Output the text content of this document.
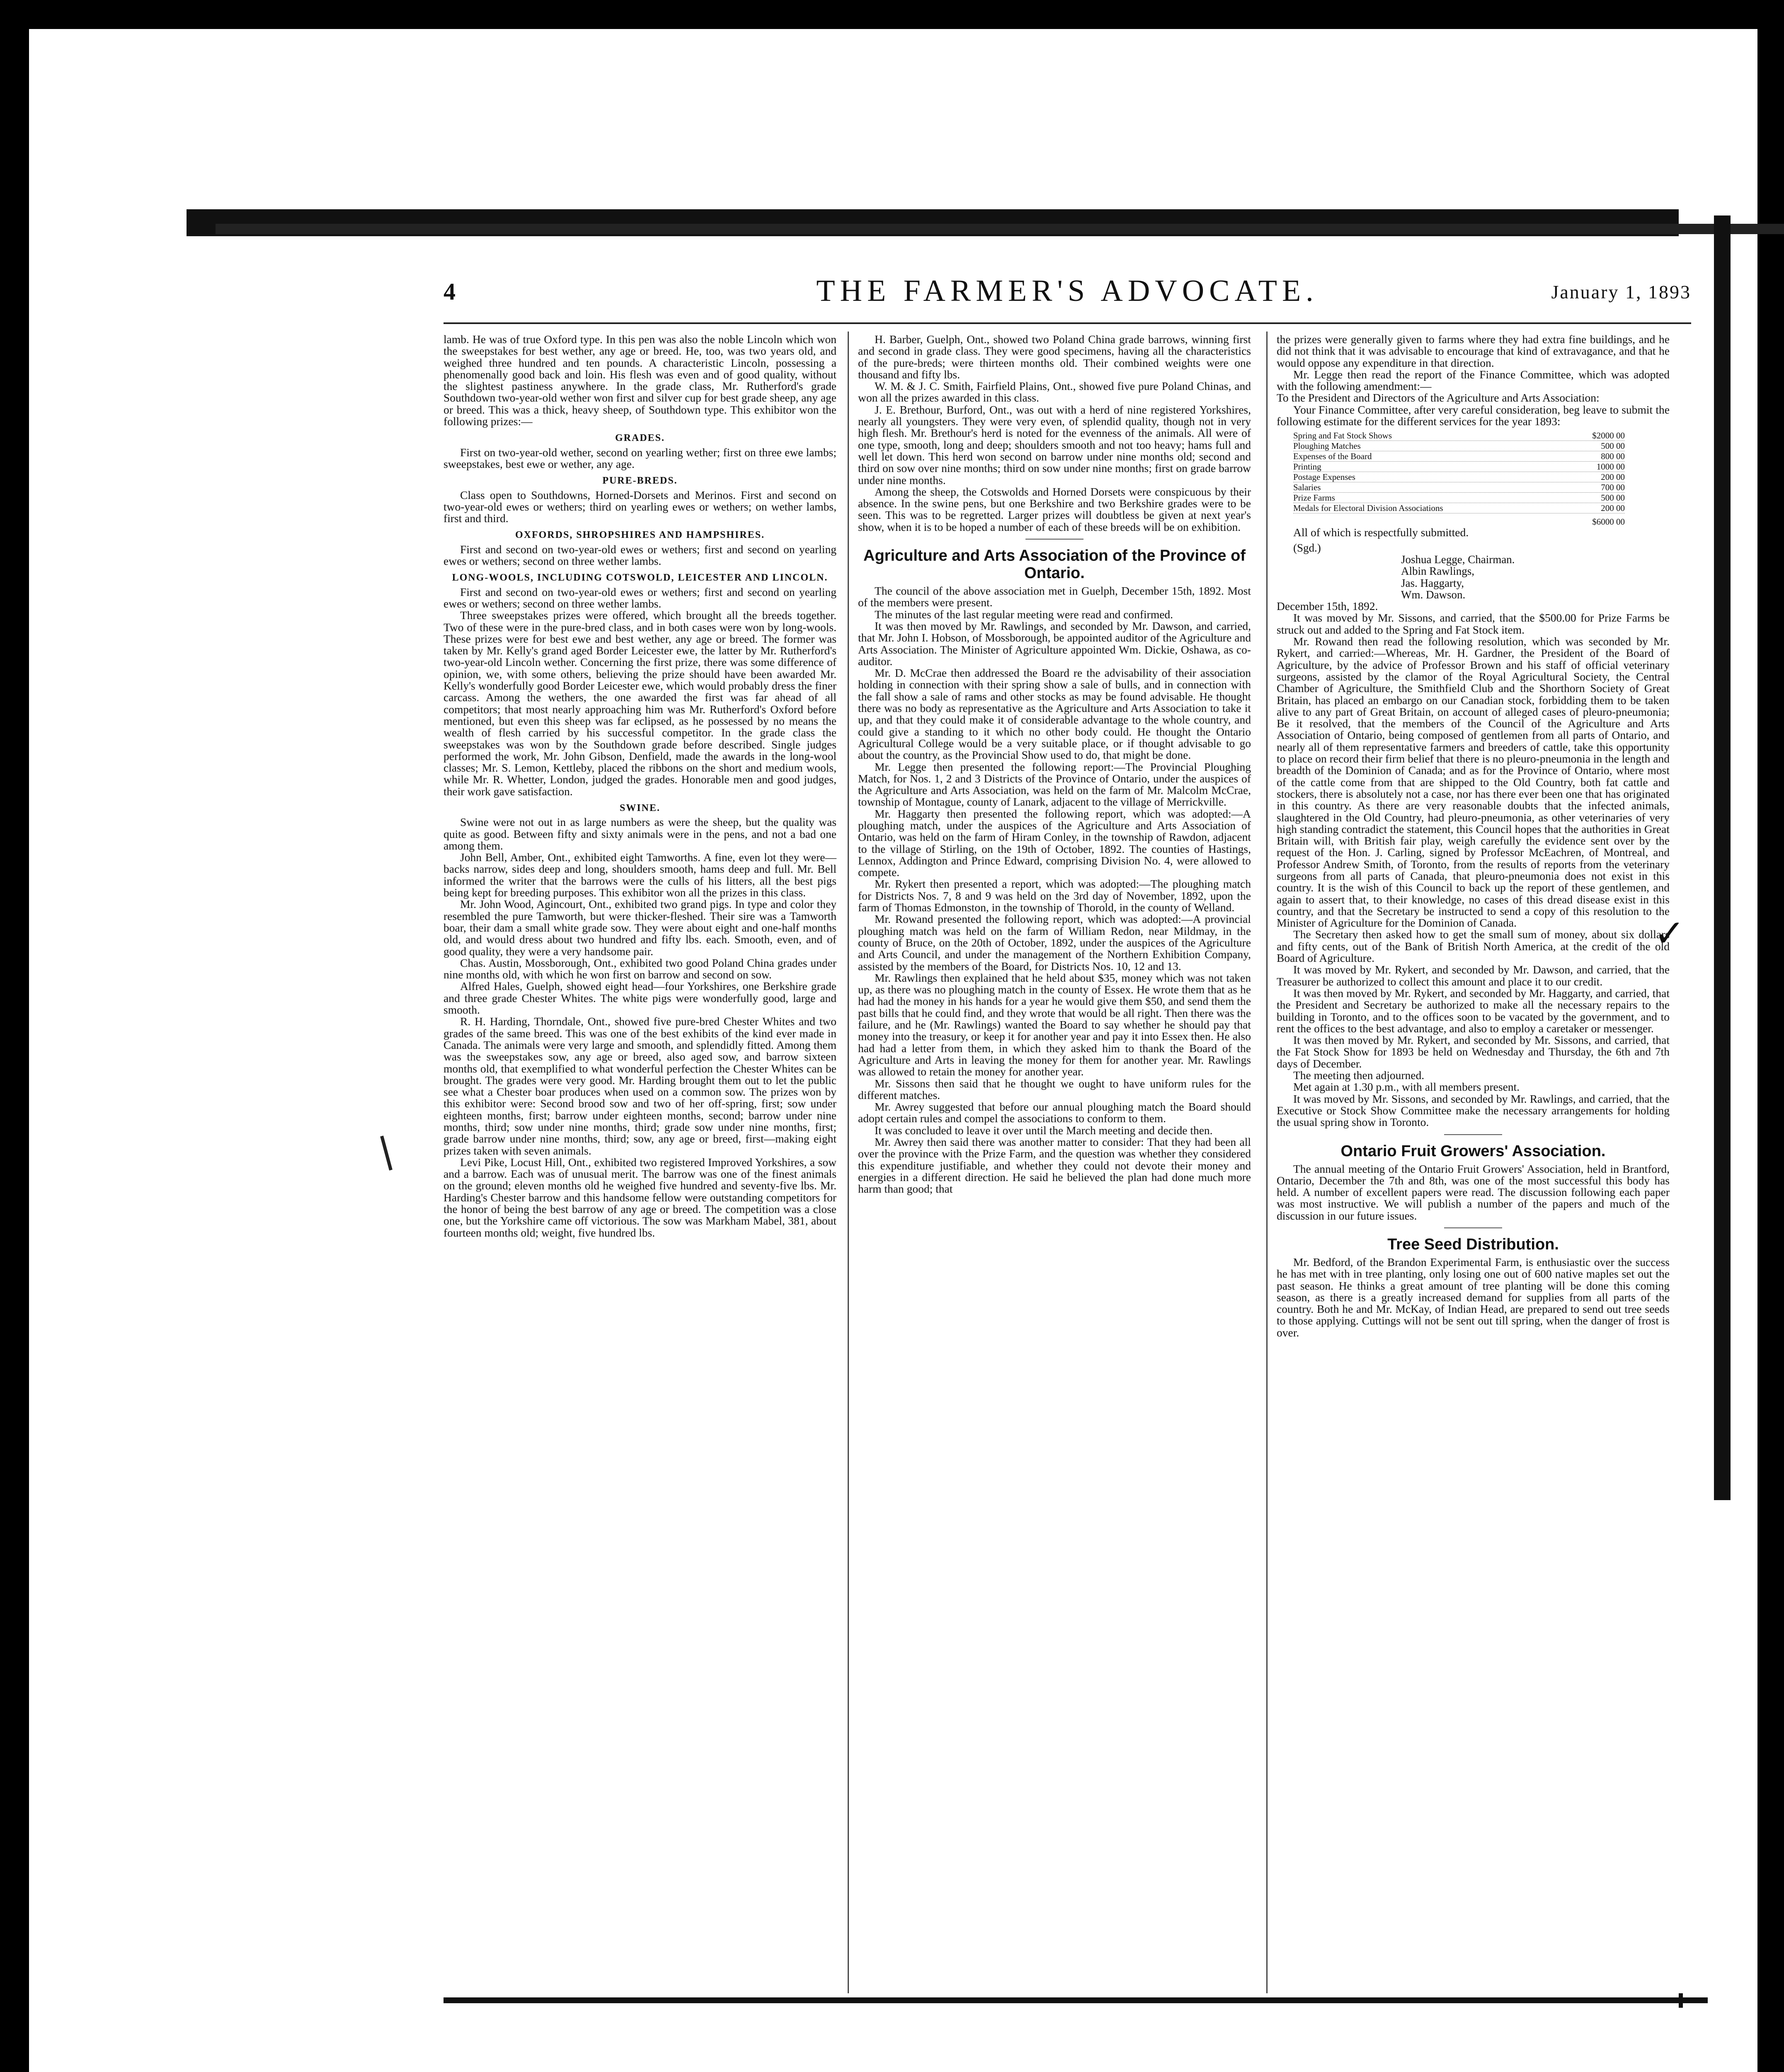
4	THE FARMER'S ADVOCATE.	January 1, 1893

lamb. He was of true Oxford type. In this pen was also the noble Lincoln which won the sweepstakes for best wether, any age or breed. He, too, was two years old, and weighed three hundred and ten pounds. A characteristic Lincoln, possessing a phenomenally good back and loin. His flesh was even and of good quality, without the slightest pastiness anywhere. In the grade class, Mr. Rutherford's grade Southdown two-year-old wether won first and silver cup for best grade sheep, any age or breed. This was a thick, heavy sheep, of Southdown type. This exhibitor won the following prizes:—

GRADES.

First on two-year-old wether, second on yearling wether; first on three ewe lambs; sweepstakes, best ewe or wether, any age.

PURE-BREDS.

Class open to Southdowns, Horned-Dorsets and Merinos. First and second on two-year-old ewes or wethers; third on yearling ewes or wethers; on wether lambs, first and third.

OXFORDS, SHROPSHIRES AND HAMPSHIRES.

First and second on two-year-old ewes or wethers; first and second on yearling ewes or wethers; second on three wether lambs.

LONG-WOOLS, INCLUDING COTSWOLD, LEICESTER AND LINCOLN.

First and second on two-year-old ewes or wethers; first and second on yearling ewes or wethers; second on three wether lambs.

Three sweepstakes prizes were offered, which brought all the breeds together. Two of these were in the pure-bred class, and in both cases were won by long-wools. These prizes were for best ewe and best wether, any age or breed. The former was taken by Mr. Kelly's grand aged Border Leicester ewe, the latter by Mr. Rutherford's two-year-old Lincoln wether. Concerning the first prize, there was some difference of opinion, we, with some others, believing the prize should have been awarded Mr. Kelly's wonderfully good Border Leicester ewe, which would probably dress the finer carcass. Among the wethers, the one awarded the first was far ahead of all competitors; that most nearly approaching him was Mr. Rutherford's Oxford before mentioned, but even this sheep was far eclipsed, as he possessed by no means the wealth of flesh carried by his successful competitor. In the grade class the sweepstakes was won by the Southdown grade before described. Single judges performed the work, Mr. John Gibson, Denfield, made the awards in the long-wool classes; Mr. S. Lemon, Kettleby, placed the ribbons on the short and medium wools, while Mr. R. Whetter, London, judged the grades. Honorable men and good judges, their work gave satisfaction.

SWINE.

Swine were not out in as large numbers as were the sheep, but the quality was quite as good. Between fifty and sixty animals were in the pens, and not a bad one among them.

John Bell, Amber, Ont., exhibited eight Tamworths. A fine, even lot they were—backs narrow, sides deep and long, shoulders smooth, hams deep and full. Mr. Bell informed the writer that the barrows were the culls of his litters, all the best pigs being kept for breeding purposes. This exhibitor won all the prizes in this class.

Mr. John Wood, Agincourt, Ont., exhibited two grand pigs. In type and color they resembled the pure Tamworth, but were thicker-fleshed. Their sire was a Tamworth boar, their dam a small white grade sow. They were about eight and one-half months old, and would dress about two hundred and fifty lbs. each. Smooth, even, and of good quality, they were a very handsome pair.

Chas. Austin, Mossborough, Ont., exhibited two good Poland China grades under nine months old, with which he won first on barrow and second on sow.

Alfred Hales, Guelph, showed eight head—four Yorkshires, one Berkshire grade and three grade Chester Whites. The white pigs were wonderfully good, large and smooth.

R. H. Harding, Thorndale, Ont., showed five pure-bred Chester Whites and two grades of the same breed. This was one of the best exhibits of the kind ever made in Canada. The animals were very large and smooth, and splendidly fitted. Among them was the sweepstakes sow, any age or breed, also aged sow, and barrow sixteen months old, that exemplified to what wonderful perfection the Chester Whites can be brought. The grades were very good. Mr. Harding brought them out to let the public see what a Chester boar produces when used on a common sow. The prizes won by this exhibitor were: Second brood sow and two of her off-spring, first; sow under eighteen months, first; barrow under eighteen months, second; barrow under nine months, third; sow under nine months, third; grade sow under nine months, first; grade barrow under nine months, third; sow, any age or breed, first—making eight prizes taken with seven animals.

Levi Pike, Locust Hill, Ont., exhibited two registered Improved Yorkshires, a sow and a barrow. Each was of unusual merit. The barrow was one of the finest animals on the ground; eleven months old he weighed five hundred and seventy-five lbs. Mr. Harding's Chester barrow and this handsome fellow were outstanding competitors for the honor of being the best barrow of any age or breed. The competition was a close one, but the Yorkshire came off victorious. The sow was Markham Mabel, 381, about fourteen months old; weight, five hundred lbs.

H. Barber, Guelph, Ont., showed two Poland China grade barrows, winning first and second in grade class. They were good specimens, having all the characteristics of the pure-breds; were thirteen months old. Their combined weights were one thousand and fifty lbs.

W. M. & J. C. Smith, Fairfield Plains, Ont., showed five pure Poland Chinas, and won all the prizes awarded in this class.

J. E. Brethour, Burford, Ont., was out with a herd of nine registered Yorkshires, nearly all youngsters. They were very even, of splendid quality, though not in very high flesh. Mr. Brethour's herd is noted for the evenness of the animals. All were of one type, smooth, long and deep; shoulders smooth and not too heavy; hams full and well let down. This herd won second on barrow under nine months old; second and third on sow over nine months; third on sow under nine months; first on grade barrow under nine months.

Among the sheep, the Cotswolds and Horned Dorsets were conspicuous by their absence. In the swine pens, but one Berkshire and two Berkshire grades were to be seen. This was to be regretted. Larger prizes will doubtless be given at next year's show, when it is to be hoped a number of each of these breeds will be on exhibition.

Agriculture and Arts Association of the Province of Ontario.

The council of the above association met in Guelph, December 15th, 1892. Most of the members were present.

The minutes of the last regular meeting were read and confirmed.

It was then moved by Mr. Rawlings, and seconded by Mr. Dawson, and carried, that Mr. John I. Hobson, of Mossborough, be appointed auditor of the Agriculture and Arts Association. The Minister of Agriculture appointed Wm. Dickie, Oshawa, as co-auditor.

Mr. D. McCrae then addressed the Board re the advisability of their association holding in connection with their spring show a sale of bulls, and in connection with the fall show a sale of rams and other stocks as may be found advisable. He thought there was no body as representative as the Agriculture and Arts Association to take it up, and that they could make it of considerable advantage to the whole country, and could give a standing to it which no other body could. He thought the Ontario Agricultural College would be a very suitable place, or if thought advisable to go about the country, as the Provincial Show used to do, that might be done.

Mr. Legge then presented the following report:—The Provincial Ploughing Match, for Nos. 1, 2 and 3 Districts of the Province of Ontario, under the auspices of the Agriculture and Arts Association, was held on the farm of Mr. Malcolm McCrae, township of Montague, county of Lanark, adjacent to the village of Merrickville.

Mr. Haggarty then presented the following report, which was adopted:—A ploughing match, under the auspices of the Agriculture and Arts Association of Ontario, was held on the farm of Hiram Conley, in the township of Rawdon, adjacent to the village of Stirling, on the 19th of October, 1892. The counties of Hastings, Lennox, Addington and Prince Edward, comprising Division No. 4, were allowed to compete.

Mr. Rykert then presented a report, which was adopted:—The ploughing match for Districts Nos. 7, 8 and 9 was held on the 3rd day of November, 1892, upon the farm of Thomas Edmonston, in the township of Thorold, in the county of Welland.

Mr. Rowand presented the following report, which was adopted:—A provincial ploughing match was held on the farm of William Redon, near Mildmay, in the county of Bruce, on the 20th of October, 1892, under the auspices of the Agriculture and Arts Council, and under the management of the Northern Exhibition Company, assisted by the members of the Board, for Districts Nos. 10, 12 and 13.

Mr. Rawlings then explained that he held about $35, money which was not taken up, as there was no ploughing match in the county of Essex. He wrote them that as he had had the money in his hands for a year he would give them $50, and send them the past bills that he could find, and they wrote that would be all right. Then there was the failure, and he (Mr. Rawlings) wanted the Board to say whether he should pay that money into the treasury, or keep it for another year and pay it into Essex then. He also had had a letter from them, in which they asked him to thank the Board of the Agriculture and Arts in leaving the money for them for another year. Mr. Rawlings was allowed to retain the money for another year.

Mr. Sissons then said that he thought we ought to have uniform rules for the different matches.

Mr. Awrey suggested that before our annual ploughing match the Board should adopt certain rules and compel the associations to conform to them.

It was concluded to leave it over until the March meeting and decide then.

Mr. Awrey then said there was another matter to consider: That they had been all over the province with the Prize Farm, and the question was whether they considered this expenditure justifiable, and whether they could not devote their money and energies in a different direction. He said he believed the plan had done much more harm than good; that

the prizes were generally given to farms where they had extra fine buildings, and he did not think that it was advisable to encourage that kind of extravagance, and that he would oppose any expenditure in that direction.

Mr. Legge then read the report of the Finance Committee, which was adopted with the following amendment:—

To the President and Directors of the Agriculture and Arts Association:

Your Finance Committee, after very careful consideration, beg leave to submit the following estimate for the different services for the year 1893:

Spring and Fat Stock Shows	$2000 00
Ploughing Matches	500 00
Expenses of the Board	800 00
Printing	1000 00
Postage Expenses	200 00
Salaries	700 00
Prize Farms	500 00
Medals for Electoral Division Associations	200 00
$6000 00

All of which is respectfully submitted.

(Sgd.)
Joshua Legge, Chairman.
Albin Rawlings,
Jas. Haggarty,
Wm. Dawson.

December 15th, 1892.

It was moved by Mr. Sissons, and carried, that the $500.00 for Prize Farms be struck out and added to the Spring and Fat Stock item.

Mr. Rowand then read the following resolution, which was seconded by Mr. Rykert, and carried:—Whereas, Mr. H. Gardner, the President of the Board of Agriculture, by the advice of Professor Brown and his staff of official veterinary surgeons, assisted by the clamor of the Royal Agricultural Society, the Central Chamber of Agriculture, the Smithfield Club and the Shorthorn Society of Great Britain, has placed an embargo on our Canadian stock, forbidding them to be taken alive to any part of Great Britain, on account of alleged cases of pleuro-pneumonia; Be it resolved, that the members of the Council of the Agriculture and Arts Association of Ontario, being composed of gentlemen from all parts of Ontario, and nearly all of them representative farmers and breeders of cattle, take this opportunity to place on record their firm belief that there is no pleuro-pneumonia in the length and breadth of the Dominion of Canada; and as for the Province of Ontario, where most of the cattle come from that are shipped to the Old Country, both fat cattle and stockers, there is absolutely not a case, nor has there ever been one that has originated in this country. As there are very reasonable doubts that the infected animals, slaughtered in the Old Country, had pleuro-pneumonia, as other veterinaries of very high standing contradict the statement, this Council hopes that the authorities in Great Britain will, with British fair play, weigh carefully the evidence sent over by the request of the Hon. J. Carling, signed by Professor McEachren, of Montreal, and Professor Andrew Smith, of Toronto, from the results of reports from the veterinary surgeons from all parts of Canada, that pleuro-pneumonia does not exist in this country. It is the wish of this Council to back up the report of these gentlemen, and again to assert that, to their knowledge, no cases of this dread disease exist in this country, and that the Secretary be instructed to send a copy of this resolution to the Minister of Agriculture for the Dominion of Canada.

The Secretary then asked how to get the small sum of money, about six dollars and fifty cents, out of the Bank of British North America, at the credit of the old Board of Agriculture.

It was moved by Mr. Rykert, and seconded by Mr. Dawson, and carried, that the Treasurer be authorized to collect this amount and place it to our credit.

It was then moved by Mr. Rykert, and seconded by Mr. Haggarty, and carried, that the President and Secretary be authorized to make all the necessary repairs to the building in Toronto, and to the offices soon to be vacated by the government, and to rent the offices to the best advantage, and also to employ a caretaker or messenger.

It was then moved by Mr. Rykert, and seconded by Mr. Sissons, and carried, that the Fat Stock Show for 1893 be held on Wednesday and Thursday, the 6th and 7th days of December.

The meeting then adjourned.

Met again at 1.30 p.m., with all members present.

It was moved by Mr. Sissons, and seconded by Mr. Rawlings, and carried, that the Executive or Stock Show Committee make the necessary arrangements for holding the usual spring show in Toronto.

Ontario Fruit Growers' Association.

The annual meeting of the Ontario Fruit Growers' Association, held in Brantford, Ontario, December the 7th and 8th, was one of the most successful this body has held. A number of excellent papers were read. The discussion following each paper was most instructive. We will publish a number of the papers and much of the discussion in our future issues.

Tree Seed Distribution.

Mr. Bedford, of the Brandon Experimental Farm, is enthusiastic over the success he has met with in tree planting, only losing one out of 600 native maples set out the past season. He thinks a great amount of tree planting will be done this coming season, as there is a greatly increased demand for supplies from all parts of the country. Both he and Mr. McKay, of Indian Head, are prepared to send out tree seeds to those applying. Cuttings will not be sent out till spring, when the danger of frost is over.

✓
